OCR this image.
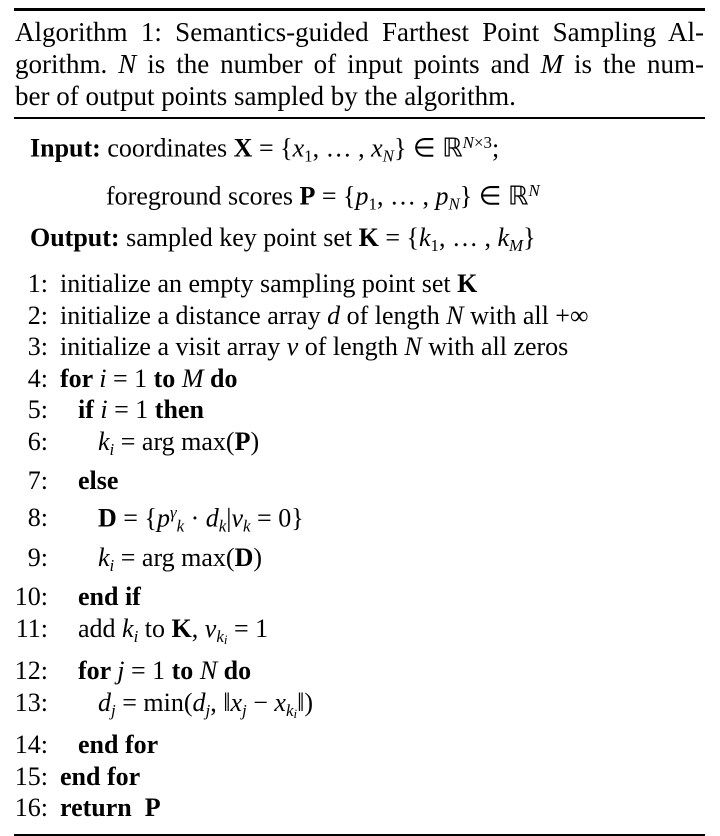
Algorithm 1: Semantics-guided Farthest Point Sampling Al-
gorithm. N is the number of input points and M is the num-
ber of output points sampled by the algorithm.
Input: coordinates $X = \{x_1$, … , $x_N$} ∈ ℝ$^{N\times 3}$;
foreground scores $P = \{p_1$, … , $p_N$} ∈ ℝ$^N$
Output: sampled key point set $K = \{k_1$, … , $k_M$}
1: initialize an empty sampling point set K
2: initialize a distance array d of length N with all +∞
3: initialize a visit array v of length N with all zeros
4: for i = 1 to M do
5: if i = 1 then
6: $k_i$ = arg max(P)
7: else
8: $D = \{p^\gamma_k \cdot d_k|v_k = 0\}$
9: $k_i$ = arg max(D)
10: end if
11: add $k_i$ to K, $v_{ki} = 1$
12: for j = 1 to N do
13: $d_j = \min(d_j$, $‖x_j$ − $x_{ki}‖$)
14: end for
15: end for
16: return P
